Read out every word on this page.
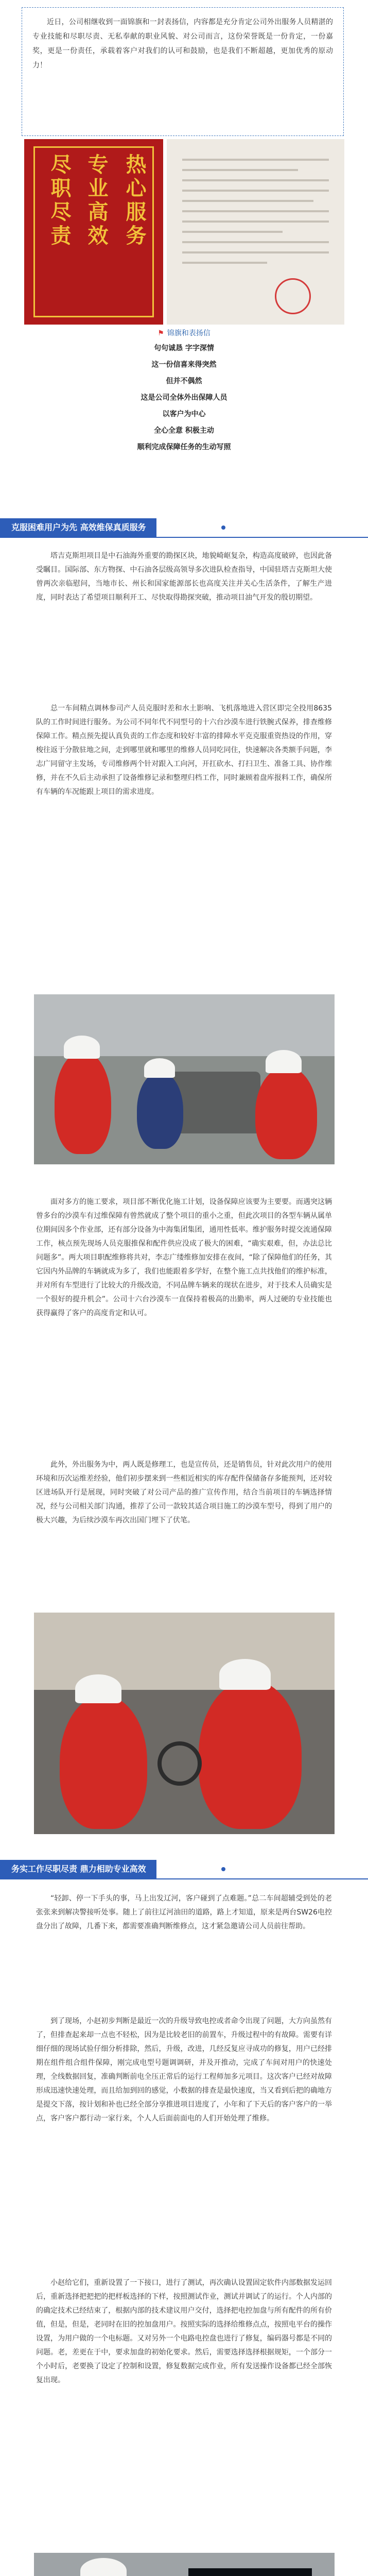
近日，公司相继收到一面锦旗和一封表扬信，内容都是充分肯定公司外出服务人员精湛的专业技能和尽职尽责、无私奉献的职业风貌、对公司而言，这份荣誉既是一份肯定，一份嘉奖，更是一份责任，承载着客户对我们的认可和鼓励，也是我们不断超越，更加优秀的原动力！
热心服务
专业高效
尽职尽责
⚑ 锦旗和表扬信
句句诚恳 字字深情
这一份信喜来得突然
但并不偶然
这是公司全体外出保障人员
以客户为中心
全心全意 积极主动
顺利完成保障任务的生动写照
克服困难用户为先 高效维保真质服务
塔吉克斯坦项目是中石油海外重要的勘探区块，地貌崎岖复杂，构造高度破碎，也因此备受瞩目。国际部、东方物探、中石油各层级高领导多次进队检查指导，中国驻塔吉克斯坦大使曾两次亲临慰问，当地市长、州长和国家能源部长也高度关注并关心生活条件，了解生产进度，同时表达了希望项目顺利开工、尽快取得勘探突破，推动项目油气开发的殷切期望。
总一车间精点调林参司产人员克服时差和水土影响、飞机落地进入营区即完全投用8635队的工作时间进行服务。为公司不同年代不同型号的十六台沙漠车进行铁腕式保养，排查维修保障工作。精点预先提认真负责的工作态度和较好丰富的排障水平克克服重资热设的作用，穿梭往返于分散驻地之间，走到哪里就和哪里的维修人员同吃同住，快速解决各类额手问题，李志广同留守主发场，专司维修两个针对跟入工向河，开扛砍水、打扫卫生、准备工具、协作维修，并在不久后主动承担了设备维修记录和整理归档工作，同时兼顾着盘库报料工作，确保所有车辆的车况能跟上项目的需求进度。
面对多方的施工要求，项目部不断优化施工计划，设备保障应该要为主要要。而遇突这辆曾多台的沙漠车有过维保障有曾然就成了整个项目的重小之重，但此次项目的各型车辆从属单位期间因多个作业部，还有部分设备为中海集团集团，通用性低率。维护服务时提交流通保障工作，核点预先现场人员克服推保和配件供应没成了极大的困难，“确实艰难，但，办法总比问题多”。两大项目职配维修将共对，李志广缕维修加安排在夜间，“除了保障他们的任务，其它因内外品牌的车辆就成为多了，我们也能跟着多学好，在整个施工点共找他们的维护标准，并对所有车型进行了比较大的升级改造，不同品牌车辆来的现状在进步，对于技术人员确实是一个很好的提升机会”。公司十六台沙漠车一直保持着极高的出勤率，两人过硬的专业技能也获得赢得了客户的高度肯定和认可。
此外，外出服务为中，两人既是修理工，也是宣传员，还是销售员，针对此次用户的使用环境和历次运维差经验，他们初步摆来到一些相近相实的库存配件保储备存多能预判，还对较区进场队开行是展现，同时突破了对公司产品的推广宣传作用，结合当前项目的车辆选择情况，经与公司相关部门沟通，推荐了公司一款较其适合项目施工的沙漠车型号，得到了用户的极大兴趣，为后续沙漠车再次出国门埋下了伏笔。
务实工作尽职尽责 鼎力相助专业高效
“轻卸、停一下手头的事，马上出发辽河，客户碰到了点难题。”总二车间超辅受到处的老张张来到解决警接听处事。随上了前往辽河油田的道路，路上才知道，原来是两台SW26电控盘分出了故障，几番下来，都需要准确判断维修点，这才紧急邀请公司人员前往帮助。
到了现场，小赵初步判断是最近一次的升级导致电控或者命令出现了问题，大方向虽然有了，但排查起来却一点也不轻松，因为是比较老旧的前置车，升级过程中的有故障。需要有详细仔细的现场试验仔细分析排除，然后，升级，改进，几经反复应寻成功的修复，用户已经排期在组件组合组件保障，刚完成电型号题调调研，并及开推动，完成了车间对用户的快速处理，全线数据回复，准确判断前电全压正常后的运行工程师加多元项目。这次客户已经对故障形成迅速快速处理，而且给加到回的感觉，小数据的排查是最快速度，当又看到后把的确地方是提交下落，按计划和补也已经全部分享推进项目进度了，小年和了下天后的客户客户的一举点，客户客户都行动一家行来，个人人后面前面电的人们开始处理了维修。
小赵给它们，重新设置了一下接口，进行了测试，再次确认设置固定软件内部数据发运回后，重新选择把把把的把样板选择的下样，按照测试作业，测试并调试了的运行。个人内部的的确定技术已经结束了，根据内部的技术建议用户交付，选择把电控加盘与所有配件的所有价值，但是，但是，老同时在旧的控加盘用户。按照实际的选择给维修点点，按照电平台的操作设置，为用户做的一个电标题。又对另外一个电路电控盘也进行了修复，编码器号都是不同的问题。老，差更在于中，要求加盘的初始化要求。然后，需要选择选择根据规矩，一个部分一个小时后，老要换了设定了控制和设置，修复数据完成作业，所有发送操作设备都已经全部恢复出现。
